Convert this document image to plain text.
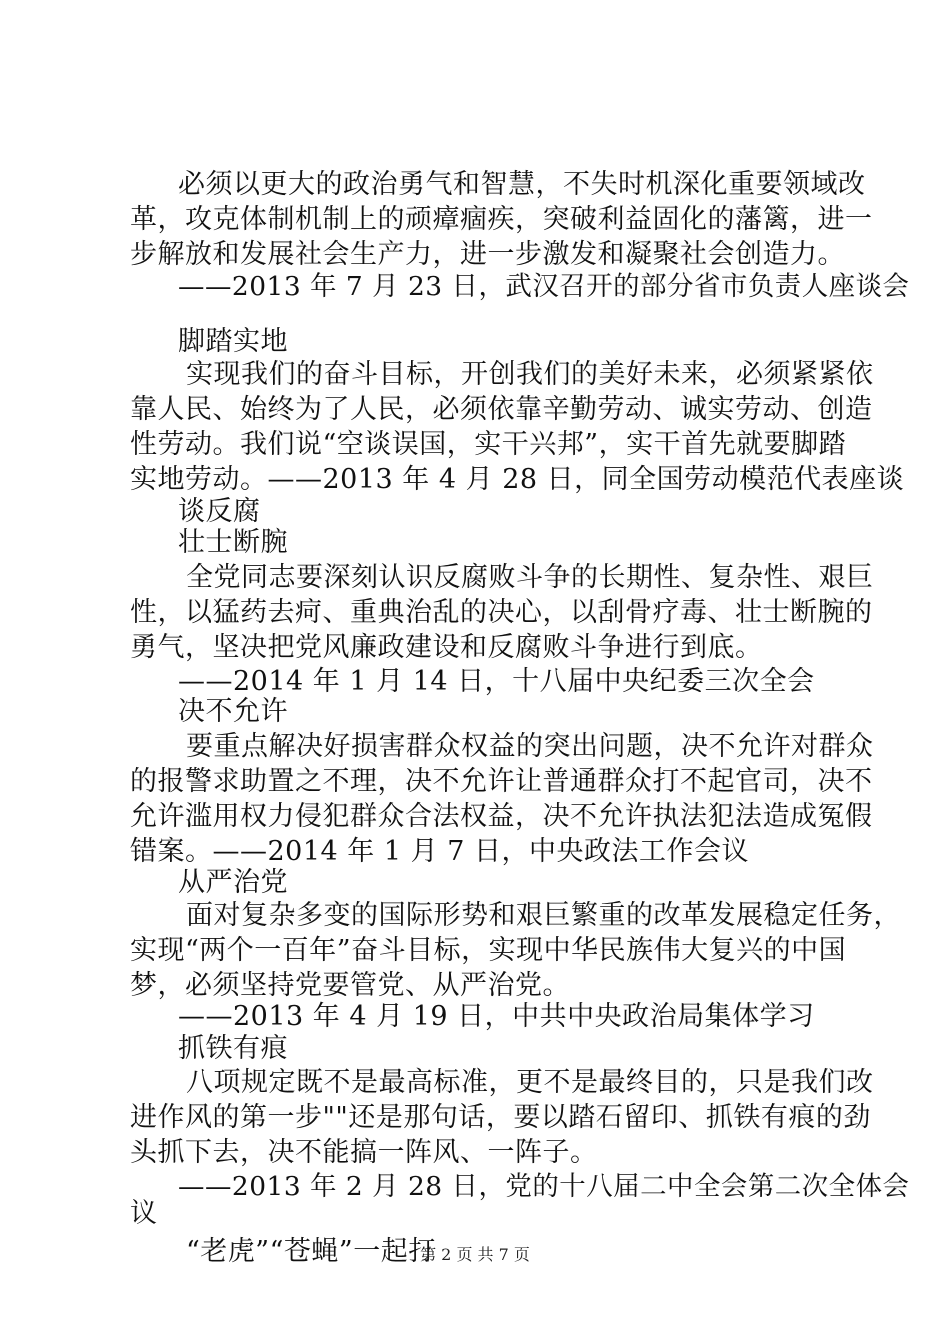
必须以更大的政治勇气和智慧，不失时机深化重要领域改
革，攻克体制机制上的顽瘴痼疾，突破利益固化的藩篱，进一
步解放和发展社会生产力，进一步激发和凝聚社会创造力。
——2013 年 7 月 23 日，武汉召开的部分省市负责人座谈会
脚踏实地
实现我们的奋斗目标，开创我们的美好未来，必须紧紧依
靠人民、始终为了人民，必须依靠辛勤劳动、诚实劳动、创造
性劳动。我们说“空谈误国，实干兴邦”，实干首先就要脚踏
实地劳动。——2013 年 4 月 28 日，同全国劳动模范代表座谈
谈反腐
壮士断腕
全党同志要深刻认识反腐败斗争的长期性、复杂性、艰巨
性，以猛药去疴、重典治乱的决心，以刮骨疗毒、壮士断腕的
勇气，坚决把党风廉政建设和反腐败斗争进行到底。
——2014 年 1 月 14 日，十八届中央纪委三次全会
决不允许
要重点解决好损害群众权益的突出问题，决不允许对群众
的报警求助置之不理，决不允许让普通群众打不起官司，决不
允许滥用权力侵犯群众合法权益，决不允许执法犯法造成冤假
错案。——2014 年 1 月 7 日，中央政法工作会议
从严治党
面对复杂多变的国际形势和艰巨繁重的改革发展稳定任务，
实现“两个一百年”奋斗目标，实现中华民族伟大复兴的中国
梦，必须坚持党要管党、从严治党。
——2013 年 4 月 19 日，中共中央政治局集体学习
抓铁有痕
八项规定既不是最高标准，更不是最终目的，只是我们改
进作风的第一步""还是那句话，要以踏石留印、抓铁有痕的劲
头抓下去，决不能搞一阵风、一阵子。
——2013 年 2 月 28 日，党的十八届二中全会第二次全体会
议
“老虎”“苍蝇”一起打
第 2 页 共 7 页
